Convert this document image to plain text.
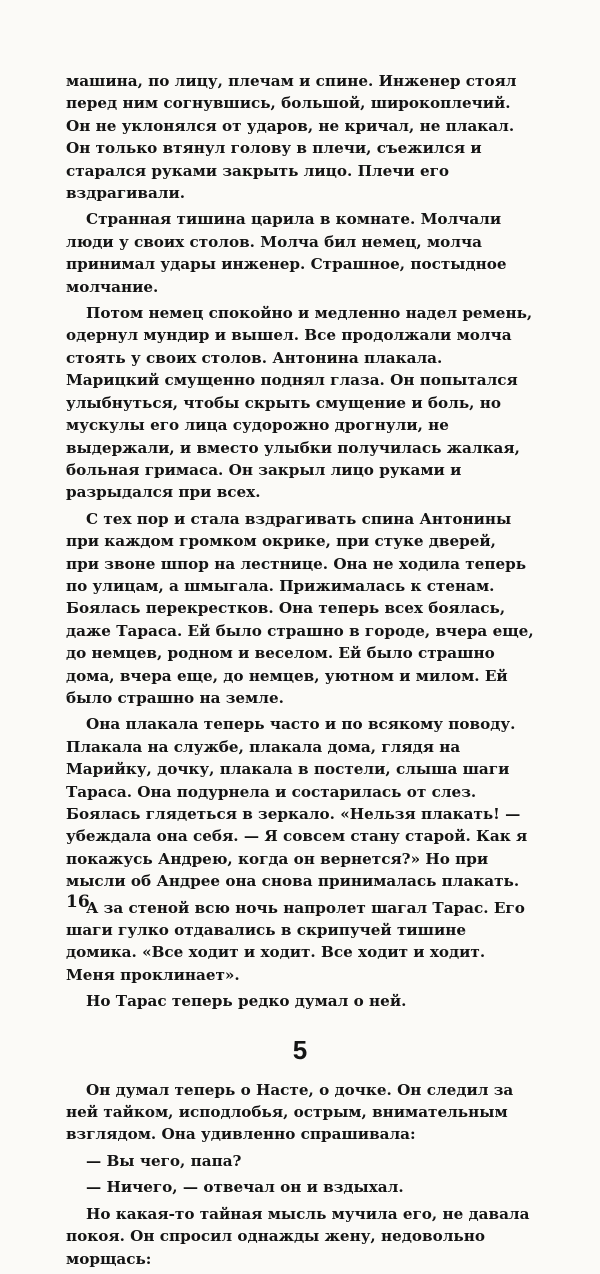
машина, по лицу, плечам и спине. Инженер стоял перед ним согнувшись, большой, широкоплечий. Он не уклонялся от ударов, не кричал, не плакал. Он только втянул голову в плечи, съежился и старался руками закрыть лицо. Плечи его вздрагивали.

Странная тишина царила в комнате. Молчали люди у своих столов. Молча бил немец, молча принимал удары инженер. Страшное, постыдное молчание.

Потом немец спокойно и медленно надел ремень, одернул мундир и вышел. Все продолжали молча стоять у своих столов. Антонина плакала. Марицкий смущенно поднял глаза. Он попытался улыбнуться, чтобы скрыть смущение и боль, но мускулы его лица судорожно дрогнули, не выдержали, и вместо улыбки получилась жалкая, больная гримаса. Он закрыл лицо руками и разрыдался при всех.

С тех пор и стала вздрагивать спина Антонины при каждом громком окрике, при стуке дверей, при звоне шпор на лестнице. Она не ходила теперь по улицам, а шмыгала. Прижималась к стенам. Боялась перекрестков. Она теперь всех боялась, даже Тараса. Ей было страшно в городе, вчера еще, до немцев, родном и веселом. Ей было страшно дома, вчера еще, до немцев, уютном и милом. Ей было страшно на земле.

Она плакала теперь часто и по всякому поводу. Плакала на службе, плакала дома, глядя на Марийку, дочку, плакала в постели, слыша шаги Тараса. Она подурнела и состарилась от слез. Боялась глядеться в зеркало. «Нельзя плакать! — убеждала она себя. — Я совсем стану старой. Как я покажусь Андрею, когда он вернется?» Но при мысли об Андрее она снова принималась плакать.

А за стеной всю ночь напролет шагал Тарас. Его шаги гулко отдавались в скрипучей тишине домика. «Все ходит и ходит. Все ходит и ходит. Меня проклинает».

Но Тарас теперь редко думал о ней.

5

Он думал теперь о Насте, о дочке. Он следил за ней тайком, исподлобья, острым, внимательным взглядом. Она удивленно спрашивала:

— Вы чего, папа?

— Ничего, — отвечал он и вздыхал.

Но какая-то тайная мысль мучила его, не давала покоя. Он спросил однажды жену, недовольно морщась:

16
